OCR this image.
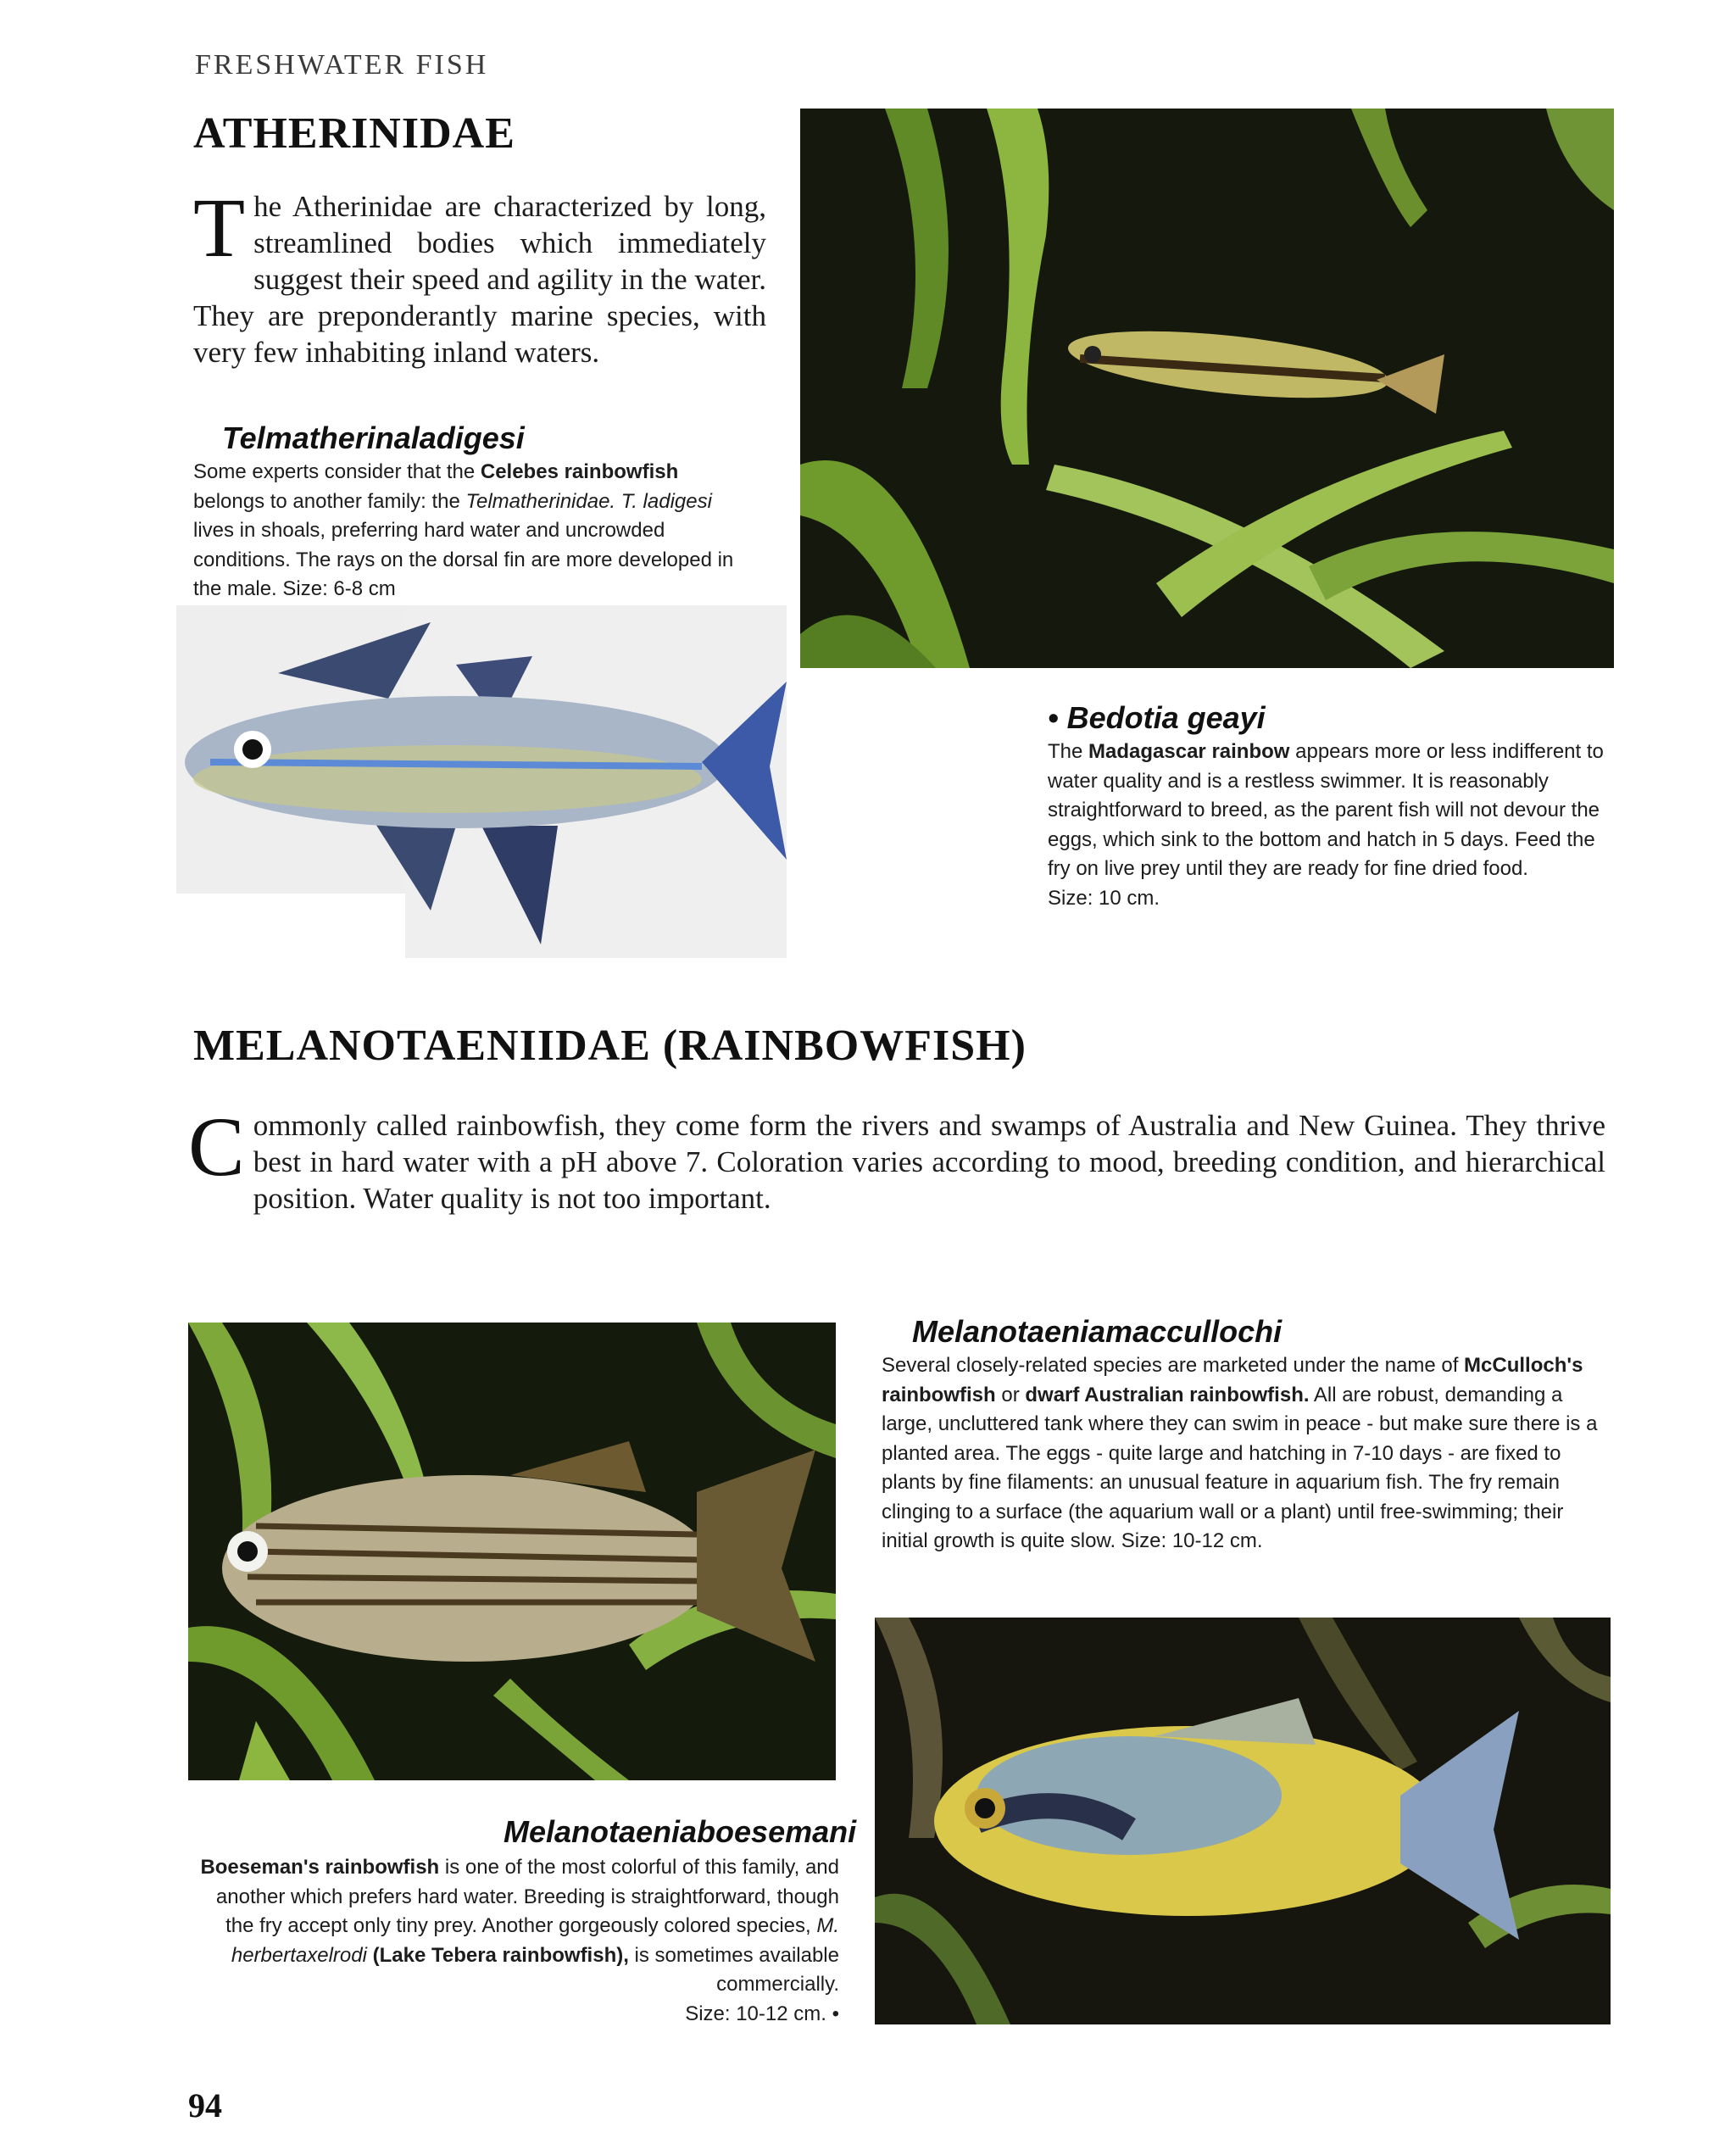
FRESHWATER FISH
ATHERINIDAE
The Atherinidae are characterized by long, streamlined bodies which immediately suggest their speed and agility in the water. They are preponderantly marine species, with very few inhabiting inland waters.
Telmatherinaladigesi
Some experts consider that the Celebes rainbowfish belongs to another family: the Telmatherinidae. T. ladigesi lives in shoals, preferring hard water and uncrowded conditions. The rays on the dorsal fin are more developed in the male. Size: 6-8 cm
• Bedotia geayi
The Madagascar rainbow appears more or less indifferent to water quality and is a restless swimmer. It is reasonably straightforward to breed, as the parent fish will not devour the eggs, which sink to the bottom and hatch in 5 days. Feed the fry on live prey until they are ready for fine dried food.
Size: 10 cm.
MELANOTAENIIDAE (RAINBOWFISH)
Commonly called rainbowfish, they come form the rivers and swamps of Australia and New Guinea. They thrive best in hard water with a pH above 7. Coloration varies according to mood, breeding condition, and hierarchical position. Water quality is not too important.
Melanotaeniamaccullochi
Several closely-related species are marketed under the name of McCulloch's rainbowfish or dwarf Australian rainbowfish. All are robust, demanding a large, uncluttered tank where they can swim in peace - but make sure there is a planted area. The eggs - quite large and hatching in 7-10 days - are fixed to plants by fine filaments: an unusual feature in aquarium fish. The fry remain clinging to a surface (the aquarium wall or a plant) until free-swimming; their initial growth is quite slow. Size: 10-12 cm.
Melanotaeniaboesemani
Boeseman's rainbowfish is one of the most colorful of this family, and another which prefers hard water. Breeding is straightforward, though the fry accept only tiny prey. Another gorgeously colored species, M. herbertaxelrodi (Lake Tebera rainbowfish), is sometimes available commercially.
Size: 10-12 cm. •
94
